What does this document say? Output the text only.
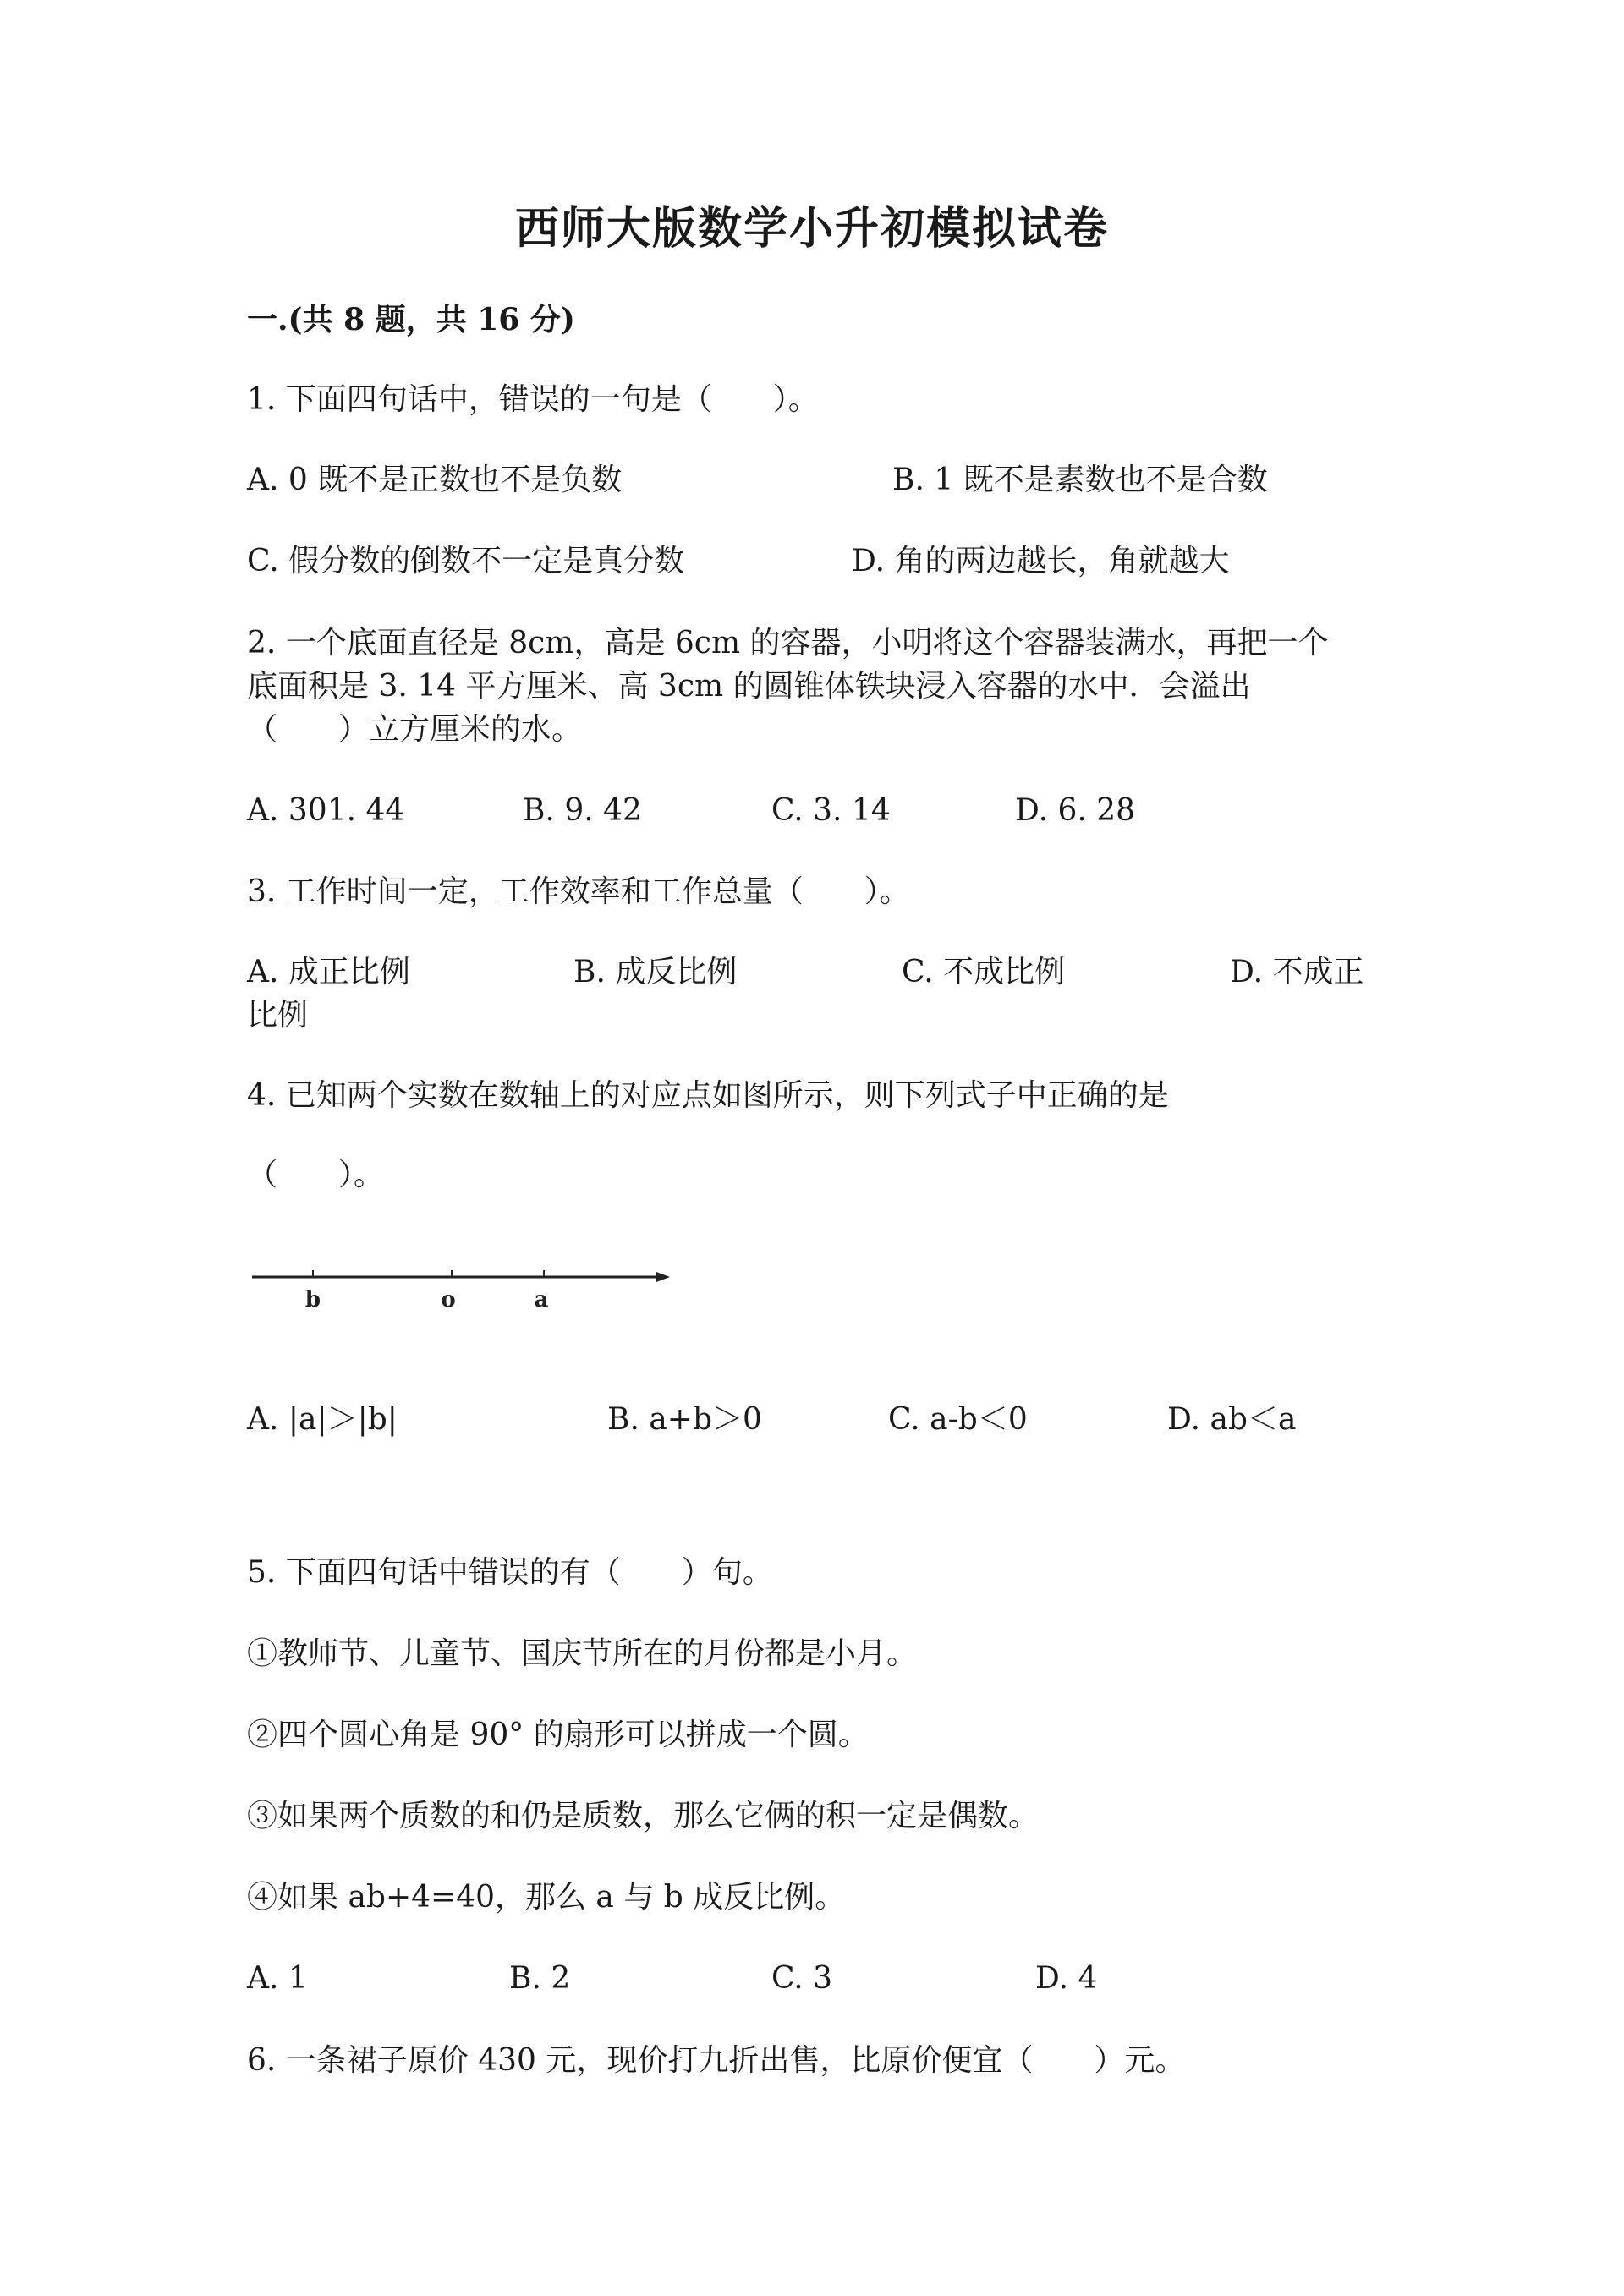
西师大版数学小升初模拟试卷
一.(共 8 题，共 16 分)
1. 下面四句话中，错误的一句是（　　）。
A. 0 既不是正数也不是负数	B. 1 既不是素数也不是合数
C. 假分数的倒数不一定是真分数	D. 角的两边越长，角就越大
2. 一个底面直径是 8cm，高是 6cm 的容器，小明将这个容器装满水，再把一个
底面积是 3. 14 平方厘米、高 3cm 的圆锥体铁块浸入容器的水中．会溢出
（　　）立方厘米的水。
A. 301. 44	B. 9. 42	C. 3. 14	D. 6. 28
3. 工作时间一定，工作效率和工作总量（　　）。
A. 成正比例	B. 成反比例	C. 不成比例	D. 不成正
比例
4. 已知两个实数在数轴上的对应点如图所示，则下列式子中正确的是
（　　）。
b	o	a
A. |a|＞|b|	B. a+b＞0	C. a-b＜0	D. ab＜a
5. 下面四句话中错误的有（　　）句。
①教师节、儿童节、国庆节所在的月份都是小月。
②四个圆心角是 90° 的扇形可以拼成一个圆。
③如果两个质数的和仍是质数，那么它俩的积一定是偶数。
④如果 ab+4=40，那么 a 与 b 成反比例。
A. 1	B. 2	C. 3	D. 4
6. 一条裙子原价 430 元，现价打九折出售，比原价便宜（　　）元。
